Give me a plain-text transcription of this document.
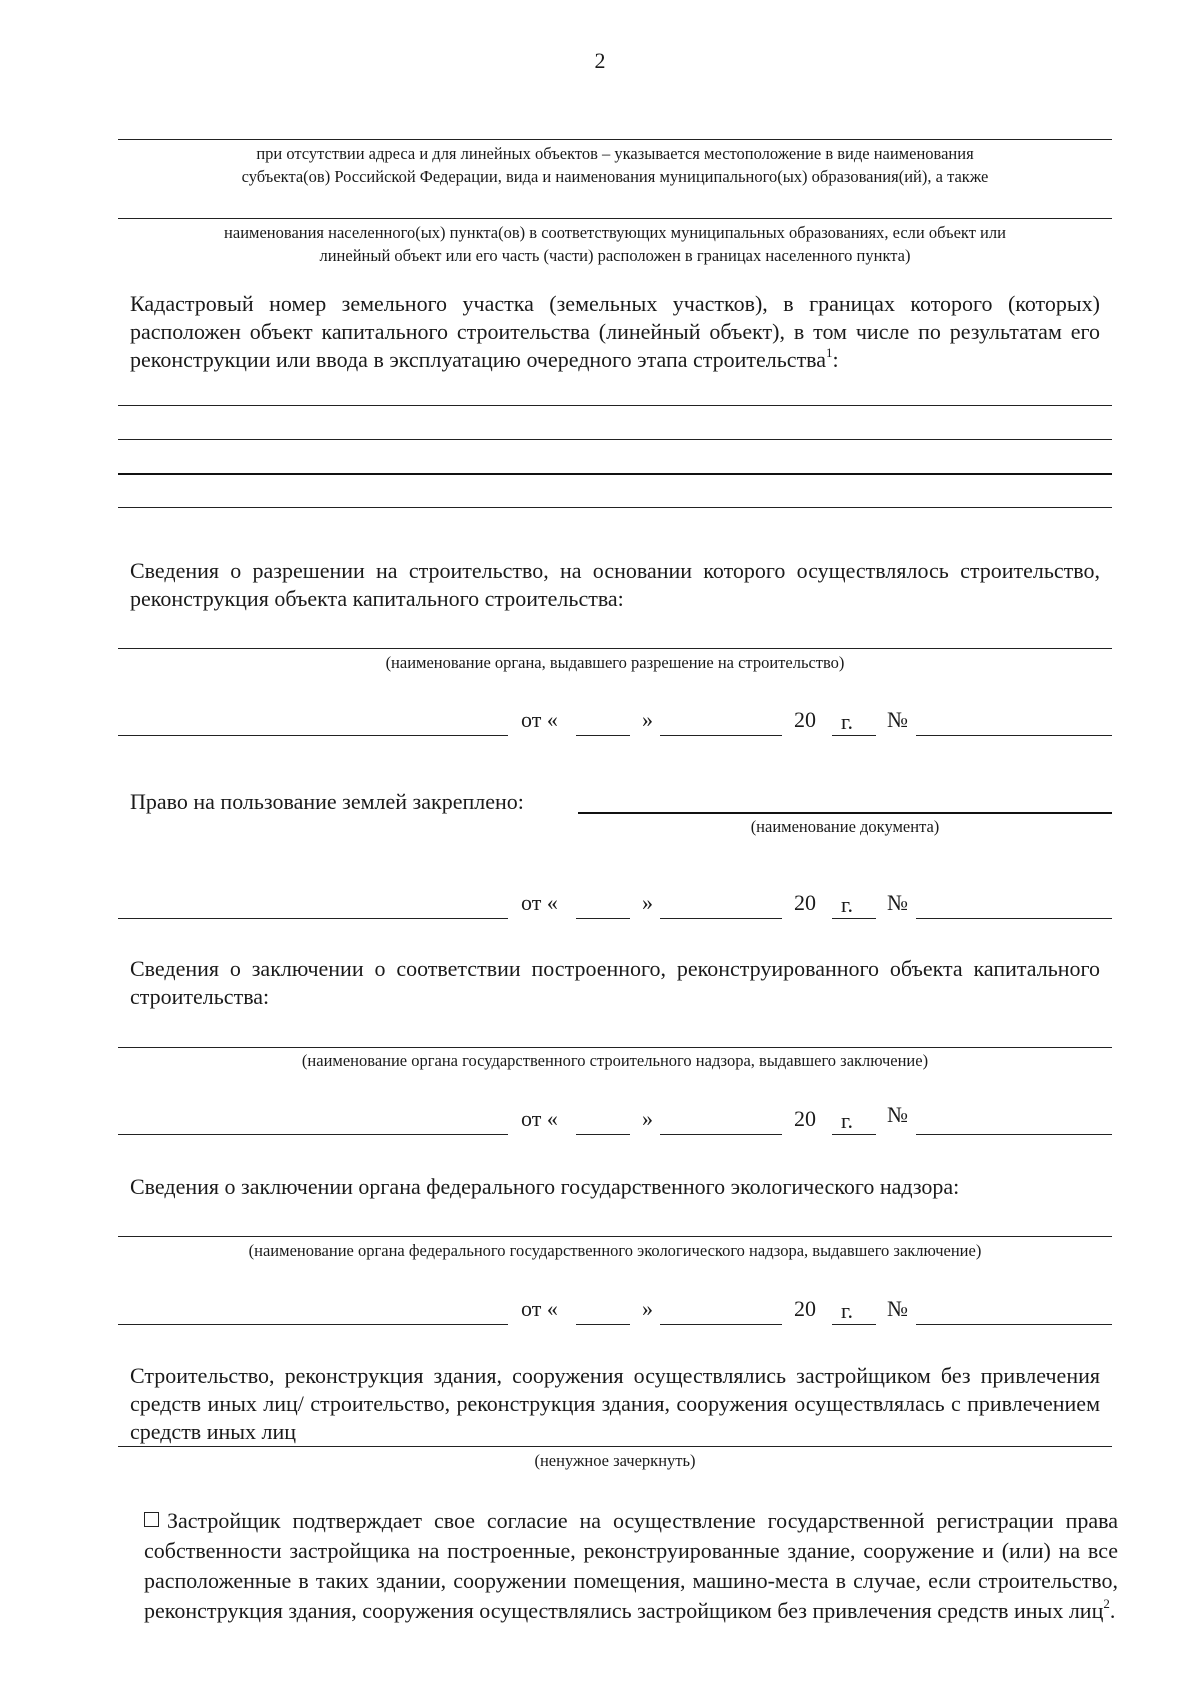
2
при отсутствии адреса и для линейных объектов – указывается местоположение в виде наименования
субъекта(ов) Российской Федерации, вида и наименования муниципального(ых) образования(ий), а также
наименования населенного(ых) пункта(ов) в соответствующих муниципальных образованиях, если объект или
линейный объект или его часть (части) расположен в границах населенного пункта)
Кадастровый номер земельного участка (земельных участков), в границах которого (которых) расположен объект капитального строительства (линейный объект), в том числе по результатам его реконструкции или ввода в эксплуатацию очередного этапа строительства$^1$:
Сведения о разрешении на строительство, на основании которого осуществлялось строительство, реконструкция объекта капитального строительства:
(наименование органа, выдавшего разрешение на строительство)
от «	»	20 г. №
Право на пользование землей закреплено:
(наименование документа)
от «	»	20 г. №
Сведения о заключении о соответствии построенного, реконструированного объекта капитального строительства:
(наименование органа государственного строительного надзора, выдавшего заключение)
от «	»	20 г. №
Сведения о заключении органа федерального государственного экологического надзора:
(наименование органа федерального государственного экологического надзора, выдавшего заключение)
от «	»	20 г. №
Строительство, реконструкция здания, сооружения осуществлялись застройщиком без привлечения средств иных лиц/ строительство, реконструкция здания, сооружения осуществлялась с привлечением средств иных лиц
(ненужное зачеркнуть)
Застройщик подтверждает свое согласие на осуществление государственной регистрации права собственности застройщика на построенные, реконструированные здание, сооружение и (или) на все расположенные в таких здании, сооружении помещения, машино-места в случае, если строительство, реконструкция здания, сооружения осуществлялись застройщиком без привлечения средств иных лиц$^2$.
